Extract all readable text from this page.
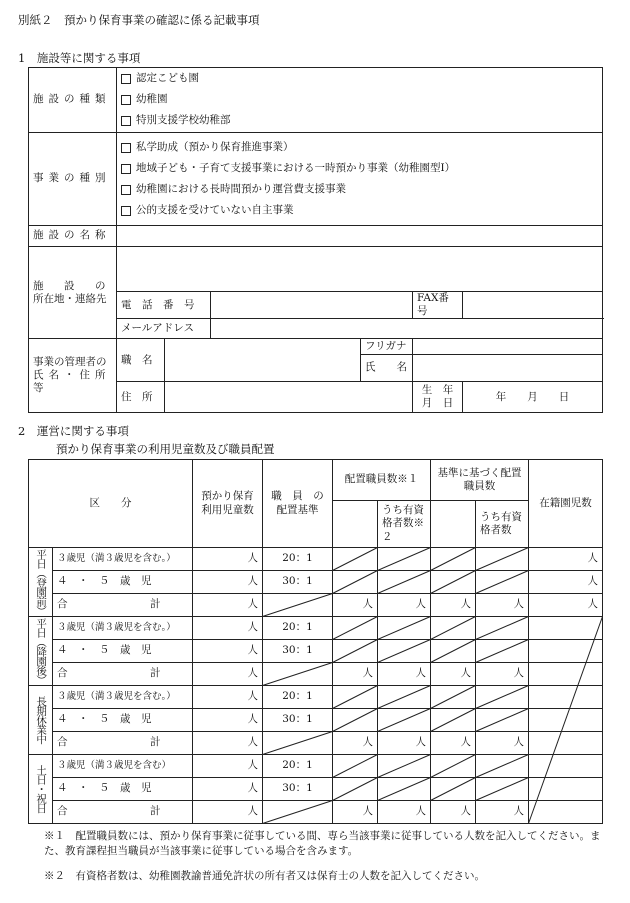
別紙２　預かり保育事業の確認に係る記載事項
1　施設等に関する事項
施設の種類	認定こども園
幼稚園
特別支援学校幼稚部					

事業の種別	私学助成（預かり保育推進事業）
地域子ども・子育て支援事業における一時預かり事業（幼稚園型Ⅰ）
幼稚園における長時間預かり運営費支援事業
公的支援を受けていない自主事業					

施設の名称						

施　設　の
所在地・連絡先						

	電　話　番　号				FAX番号	
	メールアドレス					

事業の管理者の
氏名・住所等	職　名			フリガナ		
				氏　　名		
	住　所				生　年
月　日	年　　月　　日
2　運営に関する事項
預かり保育事業の利用児童数及び職員配置
区　　分		預かり保育利用児童数	職　員　の配置基準	配置職員数※１		基準に基づく配置職員数		在籍園児数
					うち有資格者数※２		うち有資格者数	
平日（登園前）	３歳児（満３歳児を含む。）	人	20：1					人
	４　・　５　歳　児	人	30：1					人
	合　　　　　計	人		人	人	人	人	人
平日（降園後）	３歳児（満３歳児を含む。）	人	20：1					
	４　・　５　歳　児	人	30：1					
	合　　　　　計	人		人	人	人	人	
長期休業中	３歳児（満３歳児を含む。）	人	20：1					
	４　・　５　歳　児	人	30：1					
	合　　　　　計	人		人	人	人	人	
土日・祝日	３歳児（満３歳児を含む）	人	20：1					
	４　・　５　歳　児	人	30：1					
	合　　　　　計	人		人	人	人	人	
※１　 配置職員数には、預かり保育事業に従事している間、専ら当該事業に従事している人数を記入してください。また、教育課程担当職員が当該事業に従事している場合を含みます。
※２　 有資格者数は、幼稚園教諭普通免許状の所有者又は保育士の人数を記入してください。
